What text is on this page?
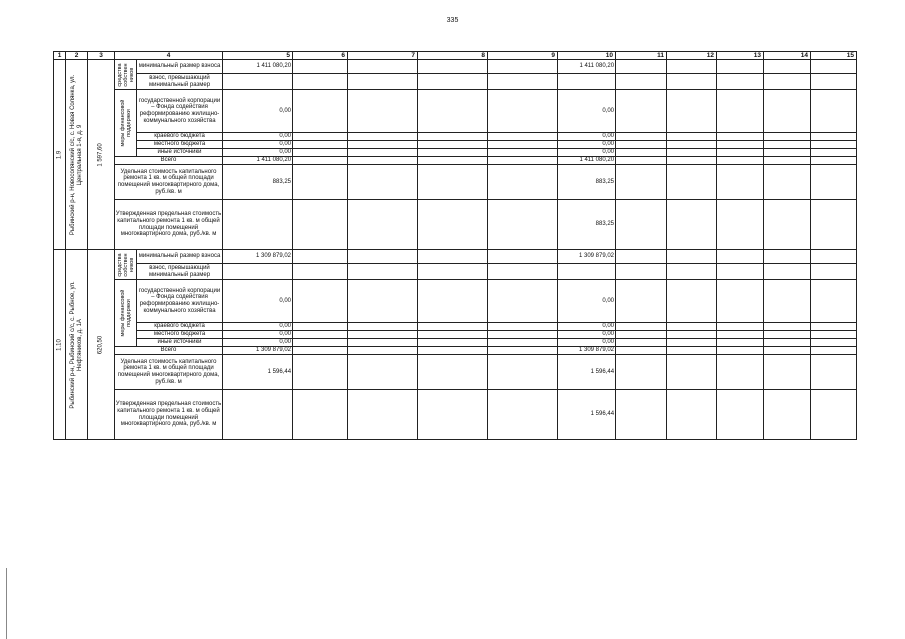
335
1	2	3	4		5	6	7	8	9	10	11	12	13	14	15

1.9	Рыбинский р-н, Новосолянский с/с, с. Новая Солянка, ул.
Центральная 1-я, д. 9	1 597,60	средства
собствен
ников	минимальный размер взноса	1 411 080,20					1 411 080,20					
				взнос, превышающий минимальный размер											

			меры финансовой
поддержки	государственной корпорации – Фонда содействия реформированию жилищно-коммунального хозяйства	0,00					0,00					
				краевого бюджета	0,00					0,00					
				местного бюджета	0,00					0,00					
				иные источники	0,00					0,00					
			Всего		1 411 080,20					1 411 080,20					
			Удельная стоимость капитального ремонта 1 кв. м общей площади помещений многоквартирного дома, руб./кв. м		883,25					883,25					
			Утвержденная предельная стоимость капитального ремонта 1 кв. м общей площади помещений многоквартирного дома, руб./кв. м							883,25					

1.10	Рыбинский р-н, Рыбинский с/с, с. Рыбное, ул.
Нефтяников, д. 1А	620,50	средства
собствен
ников	минимальный размер взноса	1 309 879,02					1 309 879,02					
				взнос, превышающий минимальный размер											

			меры финансовой
поддержки	государственной корпорации – Фонда содействия реформированию жилищно-коммунального хозяйства	0,00					0,00					
				краевого бюджета	0,00					0,00					
				местного бюджета	0,00					0,00					
				иные источники	0,00					0,00					
			Всего		1 309 879,02					1 309 879,02					
			Удельная стоимость капитального ремонта 1 кв. м общей площади помещений многоквартирного дома, руб./кв. м		1 596,44					1 596,44					
			Утвержденная предельная стоимость капитального ремонта 1 кв. м общей площади помещений многоквартирного дома, руб./кв. м							1 596,44					
